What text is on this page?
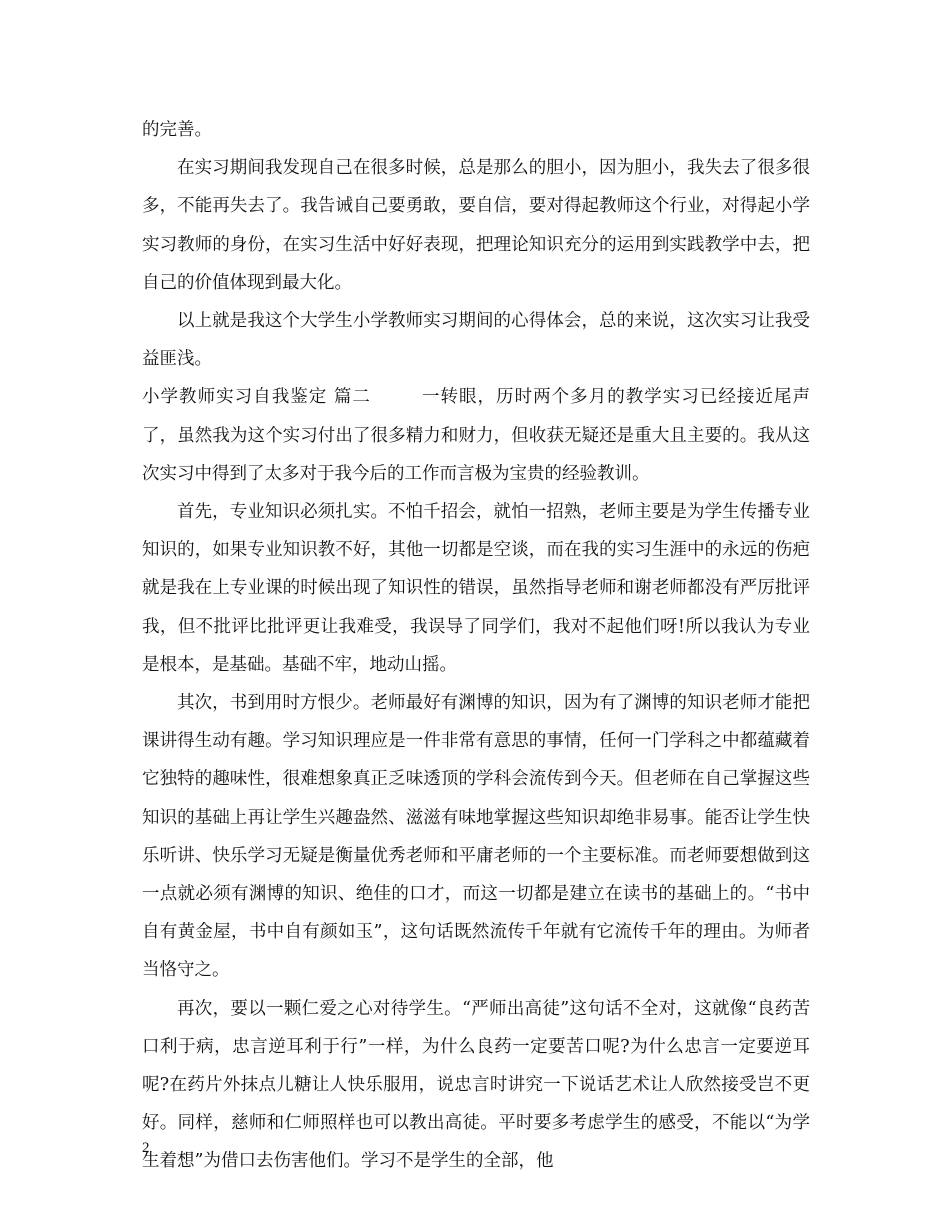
的完善。

在实习期间我发现自己在很多时候，总是那么的胆小，因为胆小，我失去了很多很多，不能再失去了。我告诫自己要勇敢，要自信，要对得起教师这个行业，对得起小学实习教师的身份，在实习生活中好好表现，把理论知识充分的运用到实践教学中去，把自己的价值体现到最大化。

以上就是我这个大学生小学教师实习期间的心得体会，总的来说，这次实习让我受益匪浅。

小学教师实习自我鉴定 篇二	一转眼，历时两个多月的教学实习已经接近尾声了，虽然我为这个实习付出了很多精力和财力，但收获无疑还是重大且主要的。我从这次实习中得到了太多对于我今后的工作而言极为宝贵的经验教训。

首先，专业知识必须扎实。不怕千招会，就怕一招熟，老师主要是为学生传播专业知识的，如果专业知识教不好，其他一切都是空谈，而在我的实习生涯中的永远的伤疤就是我在上专业课的时候出现了知识性的错误，虽然指导老师和谢老师都没有严厉批评我，但不批评比批评更让我难受，我误导了同学们，我对不起他们呀!所以我认为专业是根本，是基础。基础不牢，地动山摇。

其次，书到用时方恨少。老师最好有渊博的知识，因为有了渊博的知识老师才能把课讲得生动有趣。学习知识理应是一件非常有意思的事情，任何一门学科之中都蕴藏着它独特的趣味性，很难想象真正乏味透顶的学科会流传到今天。但老师在自己掌握这些知识的基础上再让学生兴趣盎然、滋滋有味地掌握这些知识却绝非易事。能否让学生快乐听讲、快乐学习无疑是衡量优秀老师和平庸老师的一个主要标准。而老师要想做到这一点就必须有渊博的知识、绝佳的口才，而这一切都是建立在读书的基础上的。“书中自有黄金屋，书中自有颜如玉”，这句话既然流传千年就有它流传千年的理由。为师者当恪守之。

再次，要以一颗仁爱之心对待学生。“严师出高徒”这句话不全对，这就像“良药苦口利于病，忠言逆耳利于行”一样，为什么良药一定要苦口呢?为什么忠言一定要逆耳呢?在药片外抹点儿糖让人快乐服用，说忠言时讲究一下说话艺术让人欣然接受岂不更好。同样，慈师和仁师照样也可以教出高徒。平时要多考虑学生的感受，不能以“为学生着想”为借口去伤害他们。学习不是学生的全部，他

2
